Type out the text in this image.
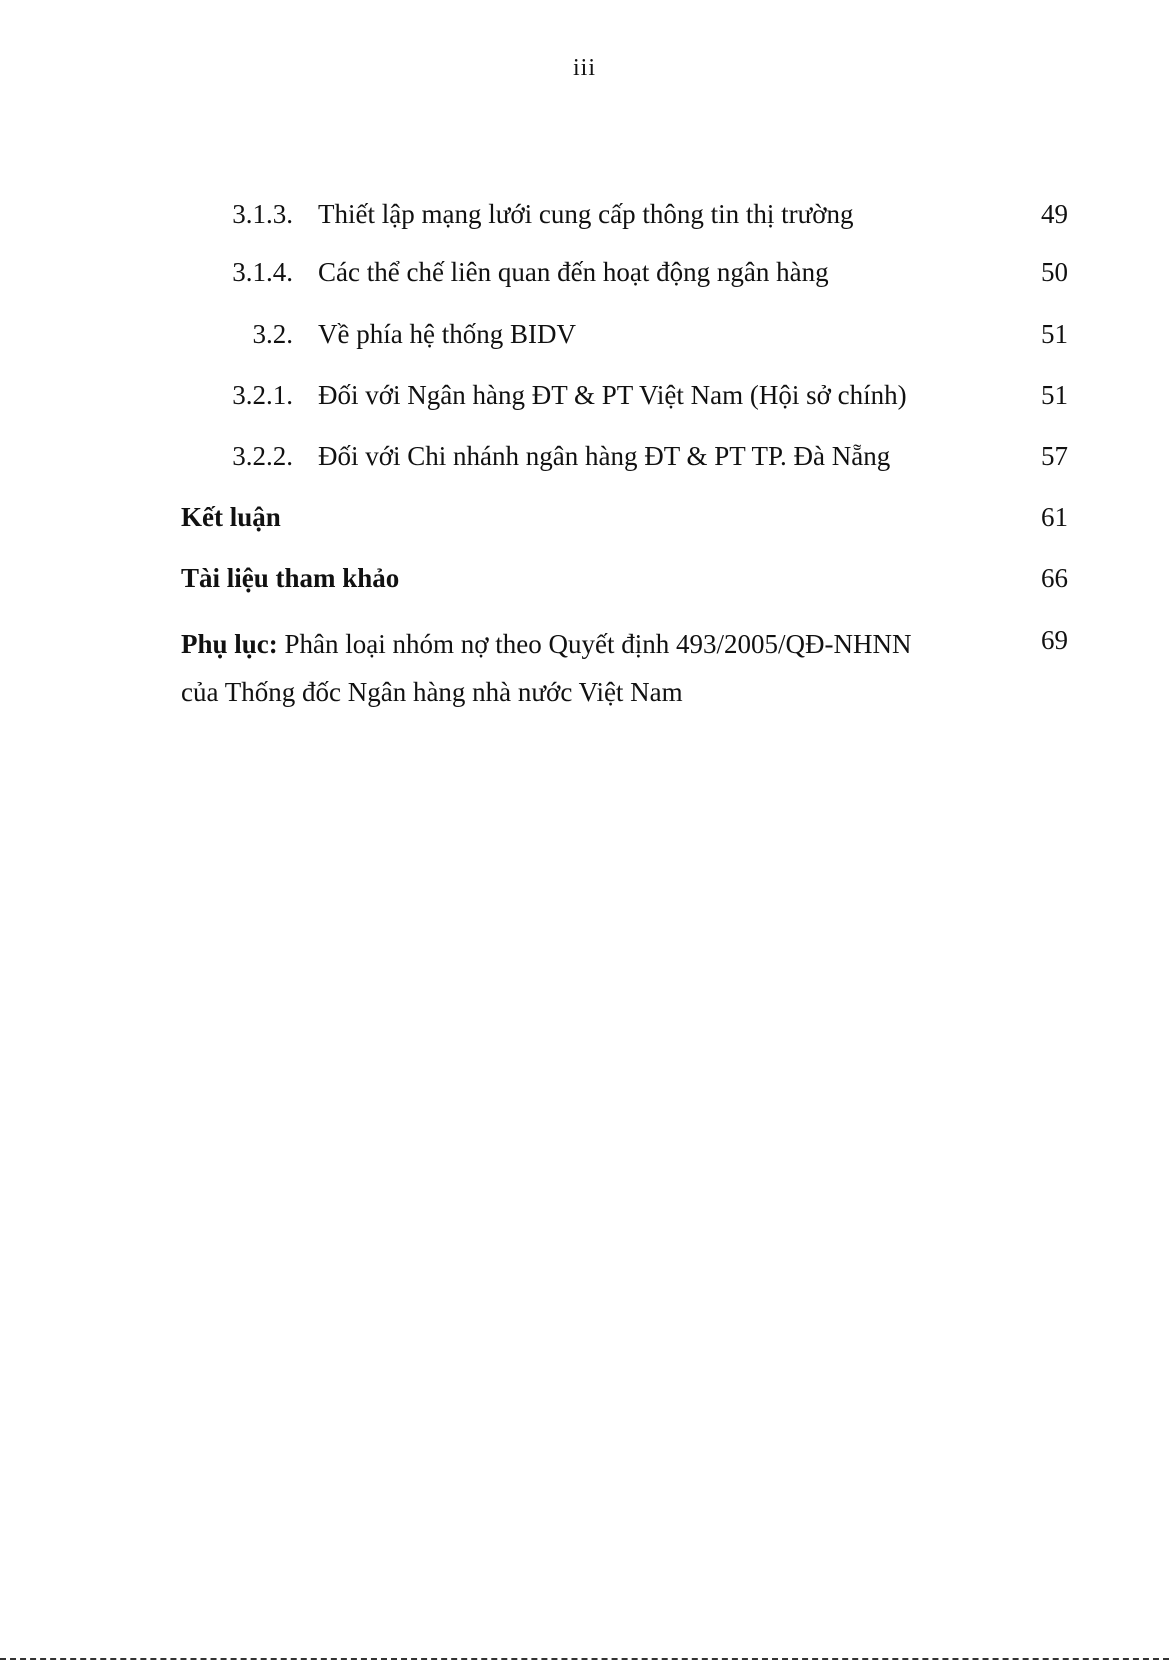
iii
3.1.3. Thiết lập mạng lưới cung cấp thông tin thị trường	49
3.1.4. Các thể chế liên quan đến hoạt động ngân hàng	50
3.2. Về phía hệ thống BIDV	51
3.2.1. Đối với Ngân hàng ĐT & PT Việt Nam (Hội sở chính)	51
3.2.2. Đối với Chi nhánh ngân hàng ĐT & PT TP. Đà Nẵng	57
Kết luận	61
Tài liệu tham khảo	66
Phụ lục: Phân loại nhóm nợ theo Quyết định 493/2005/QĐ-NHNN
của Thống đốc Ngân hàng nhà nước Việt Nam
69
